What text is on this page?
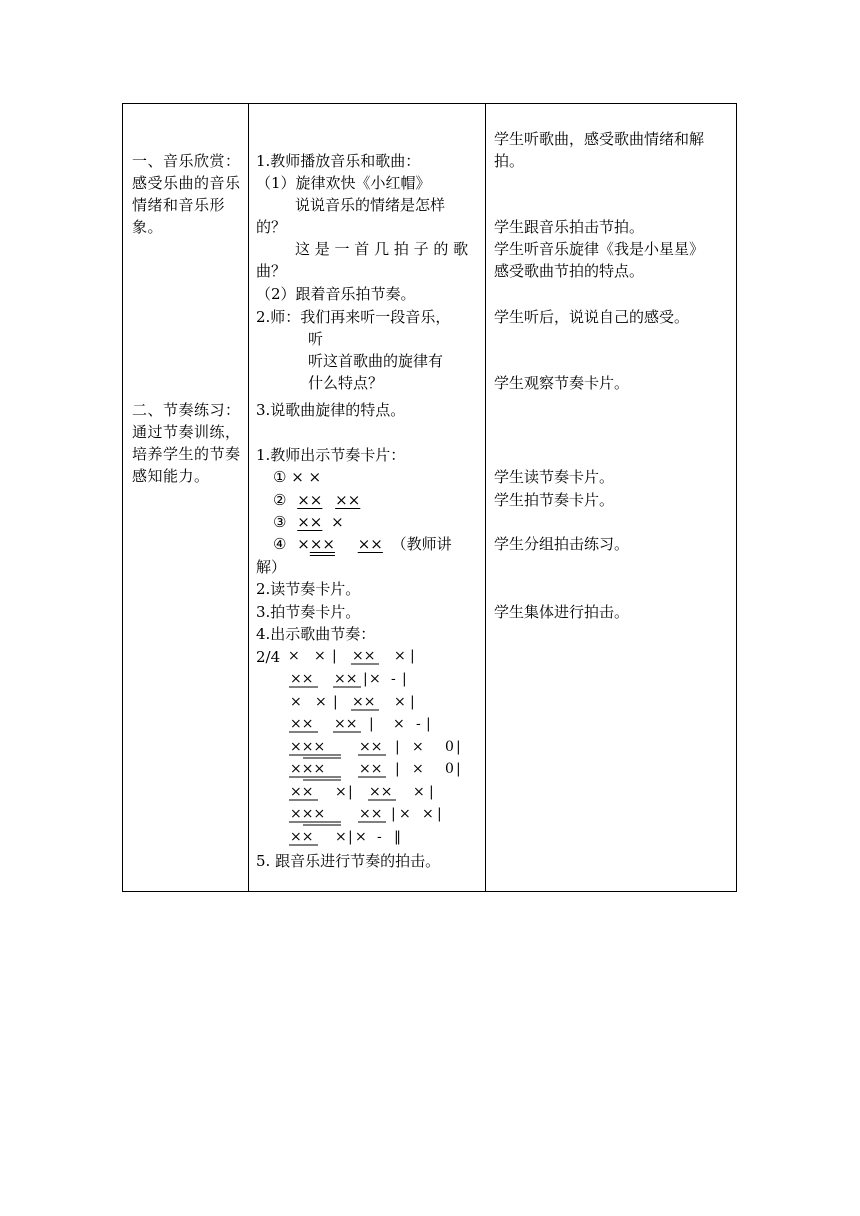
一、音乐欣赏：感受乐曲的音乐情绪和音乐形象。
二、节奏练习：通过节奏训练，培养学生的节奏感知能力。
1.教师播放音乐和歌曲：
（1）旋律欢快《小红帽》
说说音乐的情绪是怎样
的？
这 是 一 首 几 拍 子 的 歌
曲？
（2）跟着音乐拍节奏。
2.师：我们再来听一段音乐，
听
听这首歌曲的旋律有
什么特点？
3.说歌曲旋律的特点。
1.教师出示节奏卡片：
① × ×
② ×× ××
③ ×× ×
④ ××× ×× （教师讲
解）
2.读节奏卡片。
3.拍节奏卡片。
4.出示歌曲节奏：
2/4 × × | ×× × |
×× ×× | × - |
× × | ×× × |
×× ×× | × - |
××× ×× | × 0 |
××× ×× | × 0 |
×× × | ×× × |
××× ×× | × × |
×× × | × - ‖
5. 跟音乐进行节奏的拍击。
学生听歌曲，感受歌曲情绪和解
拍。
学生跟音乐拍击节拍。
学生听音乐旋律《我是小星星》
感受歌曲节拍的特点。
学生听后，说说自己的感受。
学生观察节奏卡片。
学生读节奏卡片。
学生拍节奏卡片。
学生分组拍击练习。
学生集体进行拍击。
